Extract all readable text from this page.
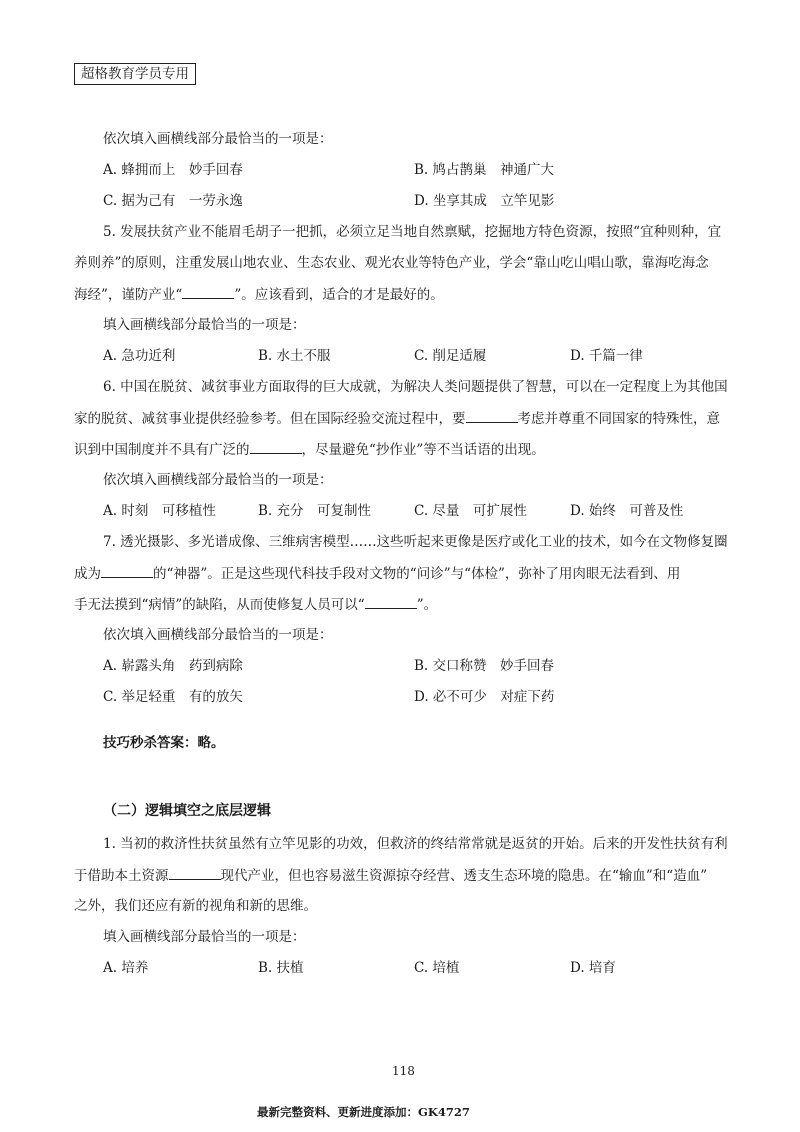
超格教育学员专用
依次填入画横线部分最恰当的一项是：
A. 蜂拥而上　妙手回春	B. 鸠占鹊巢　神通广大
C. 据为己有　一劳永逸	D. 坐享其成　立竿见影
5. 发展扶贫产业不能眉毛胡子一把抓，必须立足当地自然禀赋，挖掘地方特色资源，按照“宜种则种，宜
养则养”的原则，注重发展山地农业、生态农业、观光农业等特色产业，学会“靠山吃山唱山歌，靠海吃海念
海经”，谨防产业“	”。应该看到，适合的才是最好的。
填入画横线部分最恰当的一项是：
A. 急功近利	B. 水土不服	C. 削足适履	D. 千篇一律
6. 中国在脱贫、减贫事业方面取得的巨大成就，为解决人类问题提供了智慧，可以在一定程度上为其他国
家的脱贫、减贫事业提供经验参考。但在国际经验交流过程中，要	考虑并尊重不同国家的特殊性，意
识到中国制度并不具有广泛的	，尽量避免“抄作业”等不当话语的出现。
依次填入画横线部分最恰当的一项是：
A. 时刻　可移植性	B. 充分　可复制性	C. 尽量　可扩展性	D. 始终　可普及性
7. 透光摄影、多光谱成像、三维病害模型……这些听起来更像是医疗或化工业的技术，如今在文物修复圈
成为	的“神器”。正是这些现代科技手段对文物的“问诊”与“体检”，弥补了用肉眼无法看到、用
手无法摸到“病情”的缺陷，从而使修复人员可以“	”。
依次填入画横线部分最恰当的一项是：
A. 崭露头角　药到病除	B. 交口称赞　妙手回春
C. 举足轻重　有的放矢	D. 必不可少　对症下药
技巧秒杀答案：略。
（二）逻辑填空之底层逻辑
1. 当初的救济性扶贫虽然有立竿见影的功效，但救济的终结常常就是返贫的开始。后来的开发性扶贫有利
于借助本土资源	现代产业，但也容易滋生资源掠夺经营、透支生态环境的隐患。在“输血”和“造血”
之外，我们还应有新的视角和新的思维。
填入画横线部分最恰当的一项是：
A. 培养	B. 扶植	C. 培植	D. 培育
118
最新完整资料、更新进度添加：GK4727
